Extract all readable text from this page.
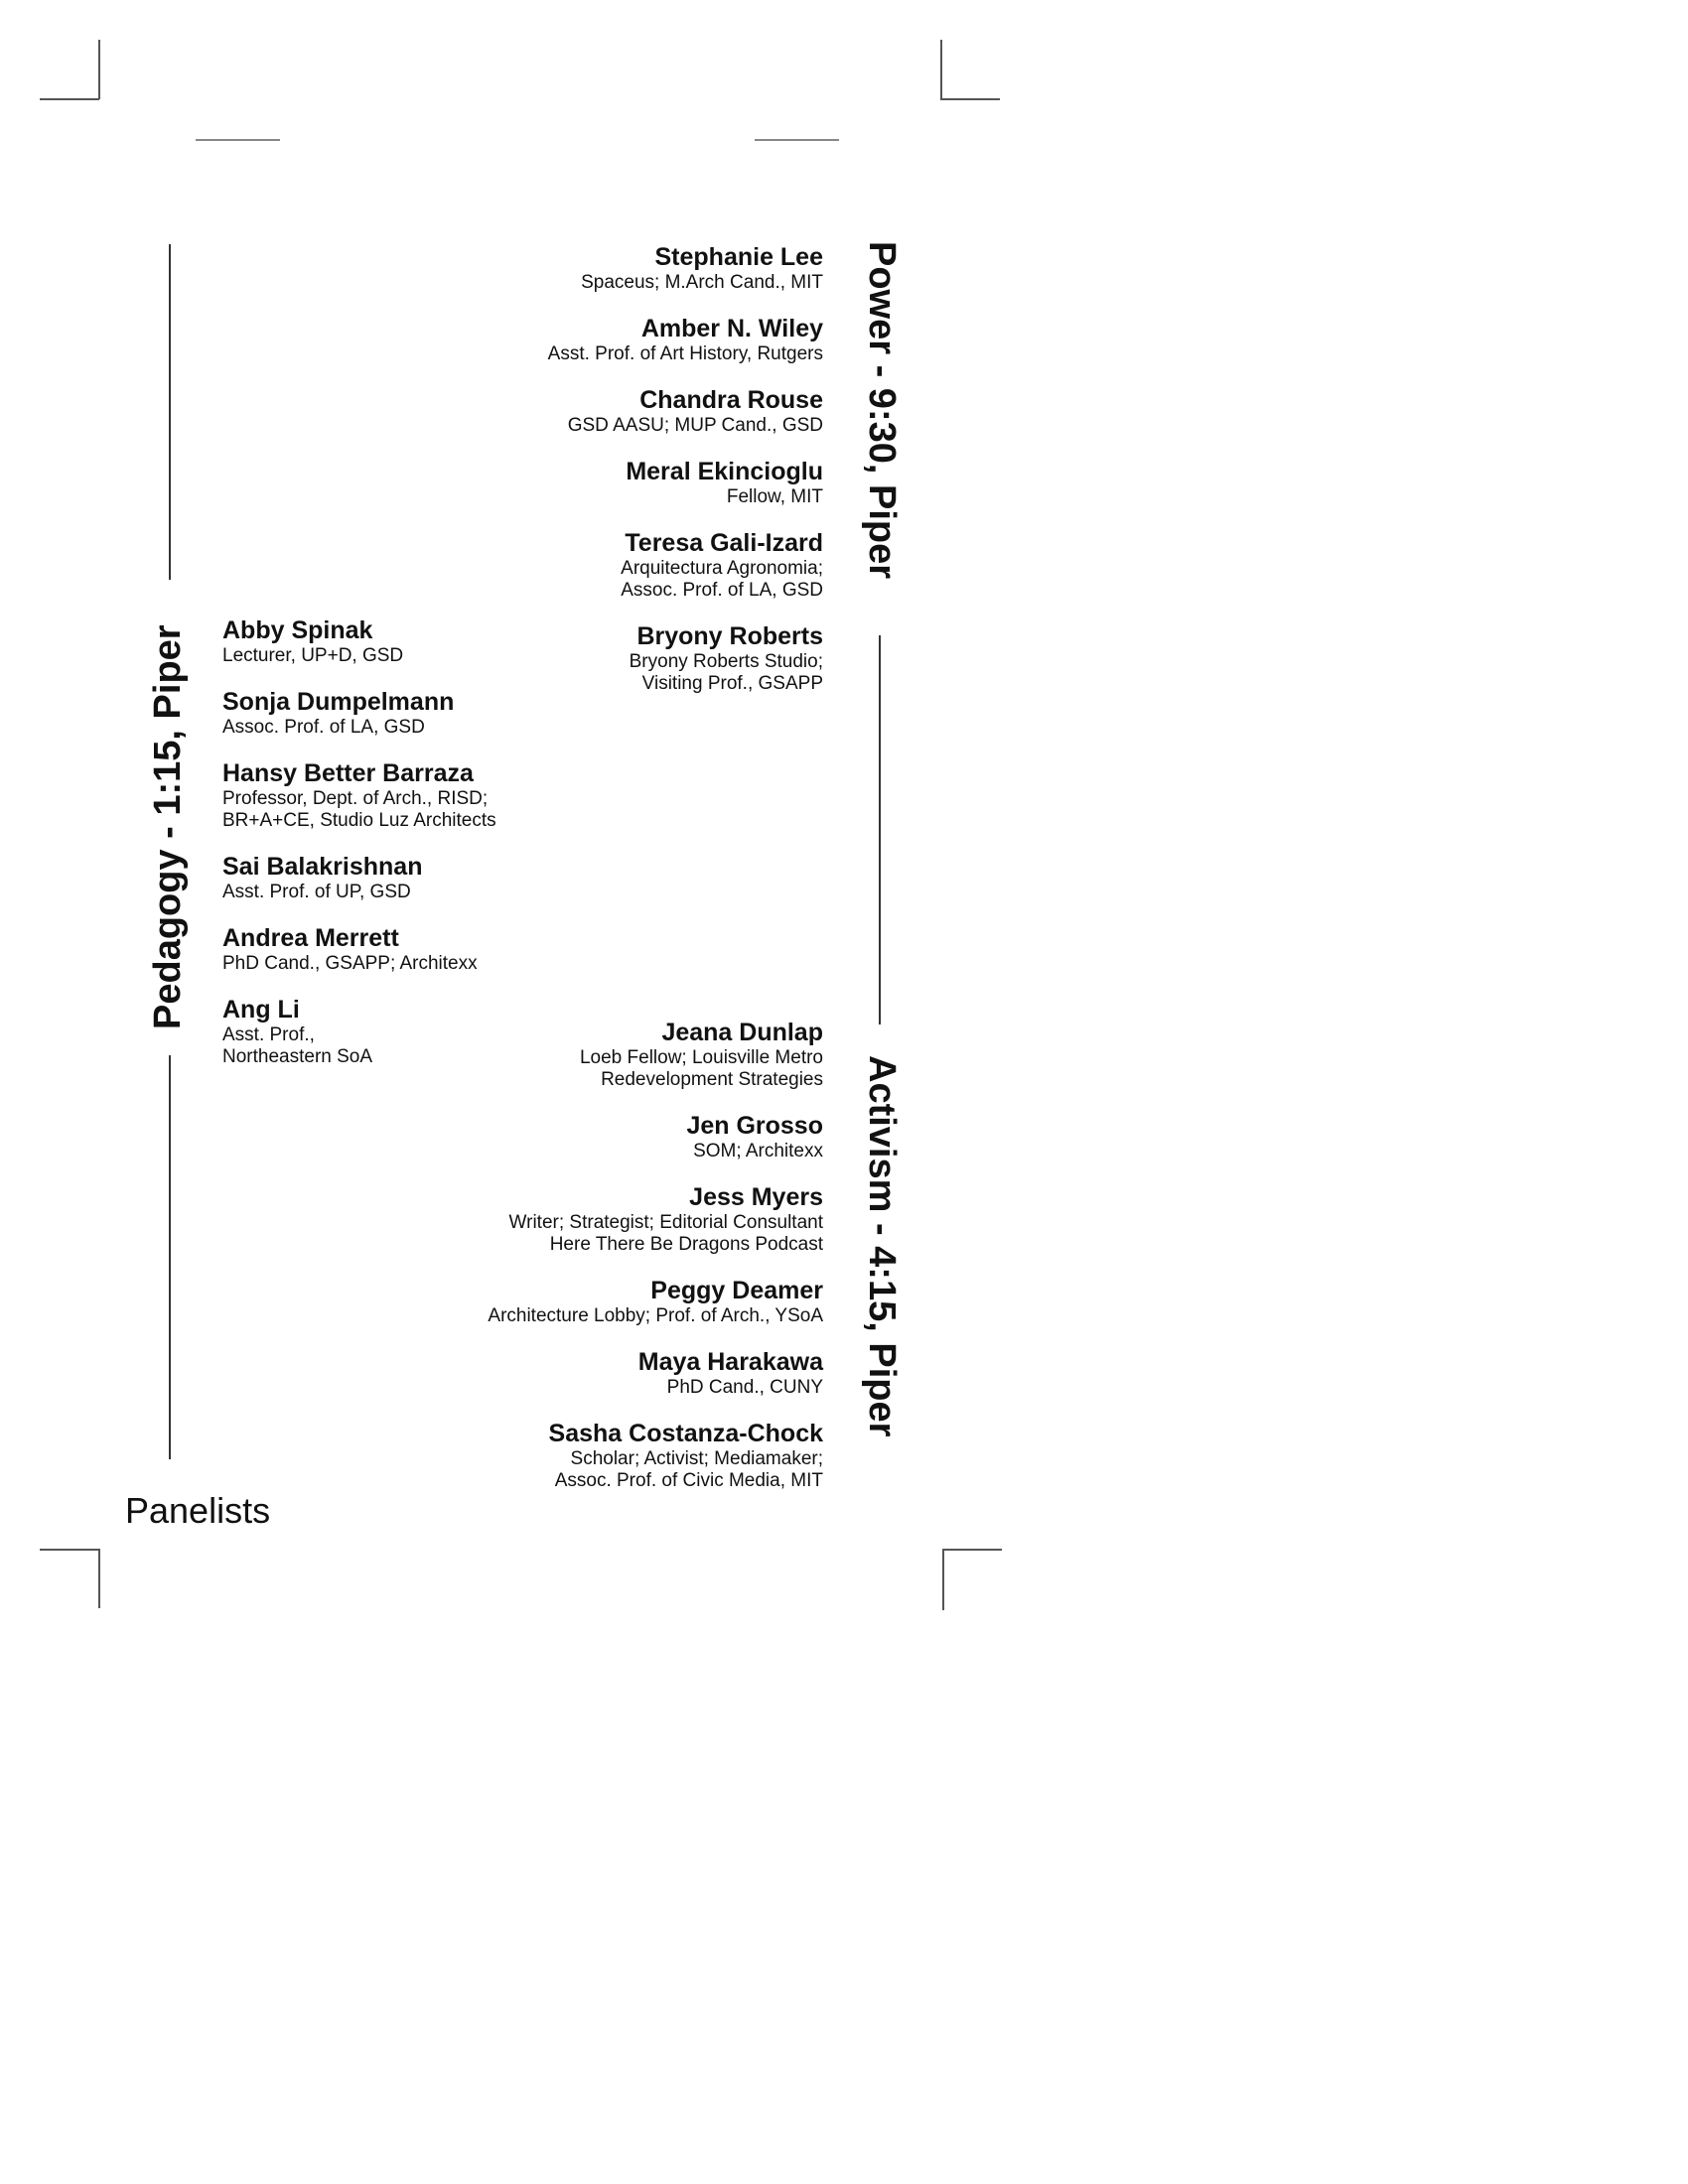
Power - 9:30, Piper
Activism - 4:15, Piper
Pedagogy - 1:15, Piper
Stephanie Lee
Spaceus; M.Arch Cand., MIT
Amber N. Wiley
Asst. Prof. of Art History, Rutgers
Chandra Rouse
GSD AASU; MUP Cand., GSD
Meral Ekincioglu
Fellow, MIT
Teresa Gali-Izard
Arquitectura Agronomia;
Assoc. Prof. of LA, GSD
Bryony Roberts
Bryony Roberts Studio;
Visiting Prof., GSAPP
Abby Spinak
Lecturer, UP+D, GSD
Sonja Dumpelmann
Assoc. Prof. of LA, GSD
Hansy Better Barraza
Professor, Dept. of Arch., RISD;
BR+A+CE, Studio Luz Architects
Sai Balakrishnan
Asst. Prof. of UP, GSD
Andrea Merrett
PhD Cand., GSAPP; Architexx
Ang Li
Asst. Prof.,
Northeastern SoA
Jeana Dunlap
Loeb Fellow; Louisville Metro
Redevelopment Strategies
Jen Grosso
SOM; Architexx
Jess Myers
Writer; Strategist; Editorial Consultant
Here There Be Dragons Podcast
Peggy Deamer
Architecture Lobby; Prof. of Arch., YSoA
Maya Harakawa
PhD Cand., CUNY
Sasha Costanza-Chock
Scholar; Activist; Mediamaker;
Assoc. Prof. of Civic Media, MIT
Panelists
